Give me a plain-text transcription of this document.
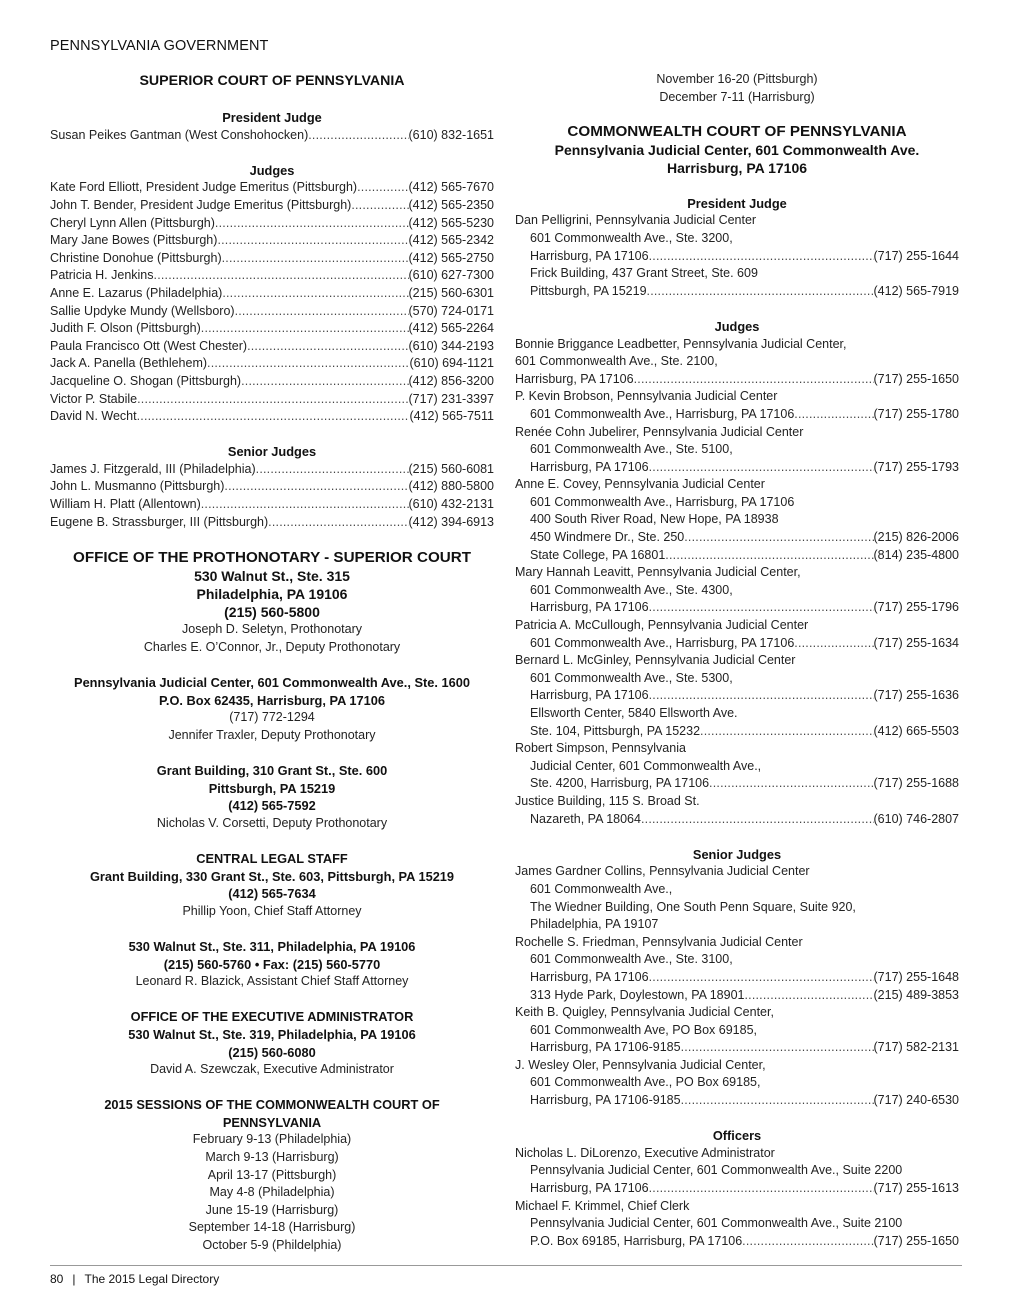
PENNSYLVANIA GOVERNMENT
SUPERIOR COURT OF PENNSYLVANIA
President Judge
Susan Peikes Gantman (West Conshohocken) .....	(610) 832-1651
Judges
Kate Ford Elliott, President Judge Emeritus (Pittsburgh) .....	(412) 565-7670
John T. Bender, President Judge Emeritus (Pittsburgh) .....	(412) 565-2350
Cheryl Lynn Allen (Pittsburgh) .....	(412) 565-5230
Mary Jane Bowes (Pittsburgh) .....	(412) 565-2342
Christine Donohue (Pittsburgh) .....	(412) 565-2750
Patricia H. Jenkins .....	(610) 627-7300
Anne E. Lazarus (Philadelphia) .....	(215) 560-6301
Sallie Updyke Mundy (Wellsboro) .....	(570) 724-0171
Judith F. Olson (Pittsburgh) .....	(412) 565-2264
Paula Francisco Ott (West Chester) .....	(610) 344-2193
Jack A. Panella (Bethlehem) .....	(610) 694-1121
Jacqueline O. Shogan (Pittsburgh) .....	(412) 856-3200
Victor P. Stabile .....	(717) 231-3397
David N. Wecht .....	(412) 565-7511
Senior Judges
James J. Fitzgerald, III (Philadelphia) .....	(215) 560-6081
John L. Musmanno (Pittsburgh) .....	(412) 880-5800
William H. Platt (Allentown) .....	(610) 432-2131
Eugene B. Strassburger, III (Pittsburgh) .....	(412) 394-6913
OFFICE OF THE PROTHONOTARY - SUPERIOR COURT
530 Walnut St., Ste. 315
Philadelphia, PA 19106
(215) 560-5800
Joseph D. Seletyn, Prothonotary
Charles E. O’Connor, Jr., Deputy Prothonotary
Pennsylvania Judicial Center, 601 Commonwealth Ave., Ste. 1600
P.O. Box 62435, Harrisburg, PA 17106
(717) 772-1294
Jennifer Traxler, Deputy Prothonotary
Grant Building, 310 Grant St., Ste. 600
Pittsburgh, PA 15219
(412) 565-7592
Nicholas V. Corsetti, Deputy Prothonotary
CENTRAL LEGAL STAFF
Grant Building, 330 Grant St., Ste. 603, Pittsburgh, PA 15219
(412) 565-7634
Phillip Yoon, Chief Staff Attorney
530 Walnut St., Ste. 311, Philadelphia, PA 19106
(215) 560-5760 • Fax: (215) 560-5770
Leonard R. Blazick, Assistant Chief Staff Attorney
OFFICE OF THE EXECUTIVE ADMINISTRATOR
530 Walnut St., Ste. 319, Philadelphia, PA 19106
(215) 560-6080
David A. Szewczak, Executive Administrator
2015 SESSIONS OF THE COMMONWEALTH COURT OF
PENNSYLVANIA
February 9-13 (Philadelphia)
March 9-13 (Harrisburg)
April 13-17 (Pittsburgh)
May 4-8 (Philadelphia)
June 15-19 (Harrisburg)
September 14-18 (Harrisburg)
October 5-9 (Phildelphia)
November 16-20 (Pittsburgh)
December 7-11 (Harrisburg)
COMMONWEALTH COURT OF PENNSYLVANIA
Pennsylvania Judicial Center, 601 Commonwealth Ave.
Harrisburg, PA 17106
President Judge
Dan Pelligrini, Pennsylvania Judicial Center
601 Commonwealth Ave., Ste. 3200,
Harrisburg, PA 17106 .....	(717) 255-1644
Frick Building, 437 Grant Street, Ste. 609
Pittsburgh, PA 15219 .....	(412) 565-7919
Judges
Bonnie Briggance Leadbetter, Pennsylvania Judicial Center,
601 Commonwealth Ave., Ste. 2100,
Harrisburg, PA 17106 .....	(717) 255-1650
P. Kevin Brobson, Pennsylvania Judicial Center
601 Commonwealth Ave., Harrisburg, PA 17106 .....	(717) 255-1780
Renée Cohn Jubelirer, Pennsylvania Judicial Center
601 Commonwealth Ave., Ste. 5100,
Harrisburg, PA 17106 .....	(717) 255-1793
Anne E. Covey, Pennsylvania Judicial Center
601 Commonwealth Ave., Harrisburg, PA 17106
400 South River Road, New Hope, PA 18938
450 Windmere Dr., Ste. 250 .....	(215) 826-2006
State College, PA 16801 .....	(814) 235-4800
Mary Hannah Leavitt, Pennsylvania Judicial Center,
601 Commonwealth Ave., Ste. 4300,
Harrisburg, PA 17106 .....	(717) 255-1796
Patricia A. McCullough, Pennsylvania Judicial Center
601 Commonwealth Ave., Harrisburg, PA 17106 .....	(717) 255-1634
Bernard L. McGinley, Pennsylvania Judicial Center
601 Commonwealth Ave., Ste. 5300,
Harrisburg, PA 17106 .....	(717) 255-1636
Ellsworth Center, 5840 Ellsworth Ave.
Ste. 104, Pittsburgh, PA 15232 .....	(412) 665-5503
Robert Simpson, Pennsylvania
Judicial Center, 601 Commonwealth Ave.,
Ste. 4200, Harrisburg, PA 17106 .....	(717) 255-1688
Justice Building, 115 S. Broad St.
Nazareth, PA 18064 .....	(610) 746-2807
Senior Judges
James Gardner Collins, Pennsylvania Judicial Center
601 Commonwealth Ave.,
The Wiedner Building, One South Penn Square, Suite 920,
Philadelphia, PA 19107
Rochelle S. Friedman, Pennsylvania Judicial Center
601 Commonwealth Ave., Ste. 3100,
Harrisburg, PA 17106 .....	(717) 255-1648
313 Hyde Park, Doylestown, PA 18901 .....	(215) 489-3853
Keith B. Quigley, Pennsylvania Judicial Center,
601 Commonwealth Ave, PO Box 69185,
Harrisburg, PA 17106-9185 .....	(717) 582-2131
J. Wesley Oler, Pennsylvania Judicial Center,
601 Commonwealth Ave., PO Box 69185,
Harrisburg, PA 17106-9185 .....	(717) 240-6530
Officers
Nicholas L. DiLorenzo, Executive Administrator
Pennsylvania Judicial Center, 601 Commonwealth Ave., Suite 2200
Harrisburg, PA 17106 .....	(717) 255-1613
Michael F. Krimmel, Chief Clerk
Pennsylvania Judicial Center, 601 Commonwealth Ave., Suite 2100
P.O. Box 69185, Harrisburg, PA 17106 .....	(717) 255-1650
80 | The 2015 Legal Directory
